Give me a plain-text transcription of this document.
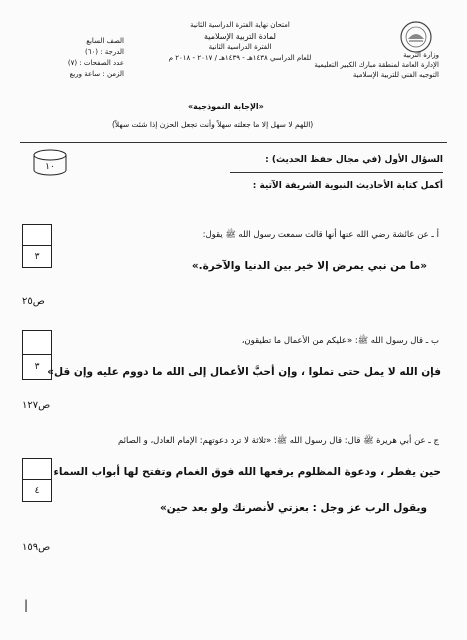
وزارة التربية
الإدارة العامة لمنطقة مبارك الكبير التعليمية
التوجيه الفني للتربية الإسلامية
امتحان نهاية الفترة الدراسية الثانية
لمادة التربية الإسلامية
الفترة الدراسية الثانية
للعام الدراسي ١٤٣٨هـ - ١٤٣٩هـ / ٢٠١٧ - ٢٠١٨ م
الصف السابع
الدرجة : (٦٠)
عدد الصفحات : (٧)
الزمن : ساعة وربع
«الإجابة النموذجية»
(اللهم لا سهل إلا ما جعلته سهلاً وأنت تجعل الحزن إذا شئت سهلاً)
١٠
السؤال الأول (في مجال حفظ الحديث) :
أكمل كتابة الأحاديث النبوية الشريفة الآتية :
٣
أ ـ عن عائشة رضي الله عنها أنها قالت سمعت رسول الله ﷺ يقول:
«ما من نبي يمرض إلا خير بين الدنيا والآخرة.»
ص٢٥
٣
ب ـ قال رسول الله ﷺ: «عليكم من الأعمال ما تطيقون،
فإن الله لا يمل حتى تملوا ، وإن أحبَّ الأعمال إلى الله ما دووم عليه وإن قل»
ص١٢٧
٤
ج ـ عن أبي هريرة ﷺ قال: قال رسول الله ﷺ: «ثلاثة لا ترد دعوتهم: الإمام العادل، و الصائم
حين يفطر ، ودعوة المظلوم يرفعها الله فوق الغمام وتفتح لها أبواب السماء
ويقول الرب عز وجل : بعزتي لأنصرنك ولو بعد حين»
ص١٥٩
|
